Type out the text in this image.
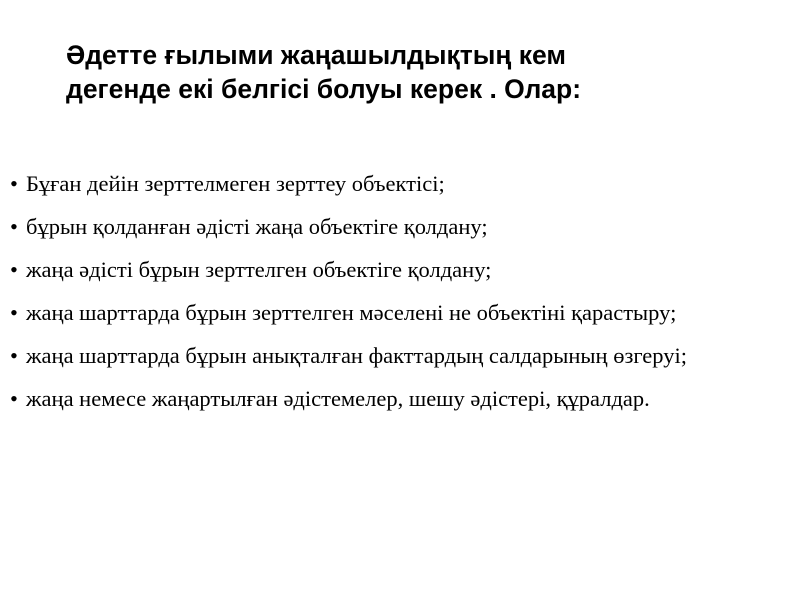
Әдетте ғылыми жаңашылдықтың кем
дегенде екі белгісі болуы керек . Олар:
• Бұған дейін зерттелмеген зерттеу объектісі;
• бұрын қолданған әдісті жаңа объектіге қолдану;
• жаңа әдісті бұрын зерттелген объектіге қолдану;
• жаңа шарттарда бұрын зерттелген мәселені не объектіні қарастыру;
• жаңа шарттарда бұрын анықталған факттардың салдарының өзгеруі;
• жаңа немесе жаңартылған әдістемелер, шешу әдістері, құралдар.
